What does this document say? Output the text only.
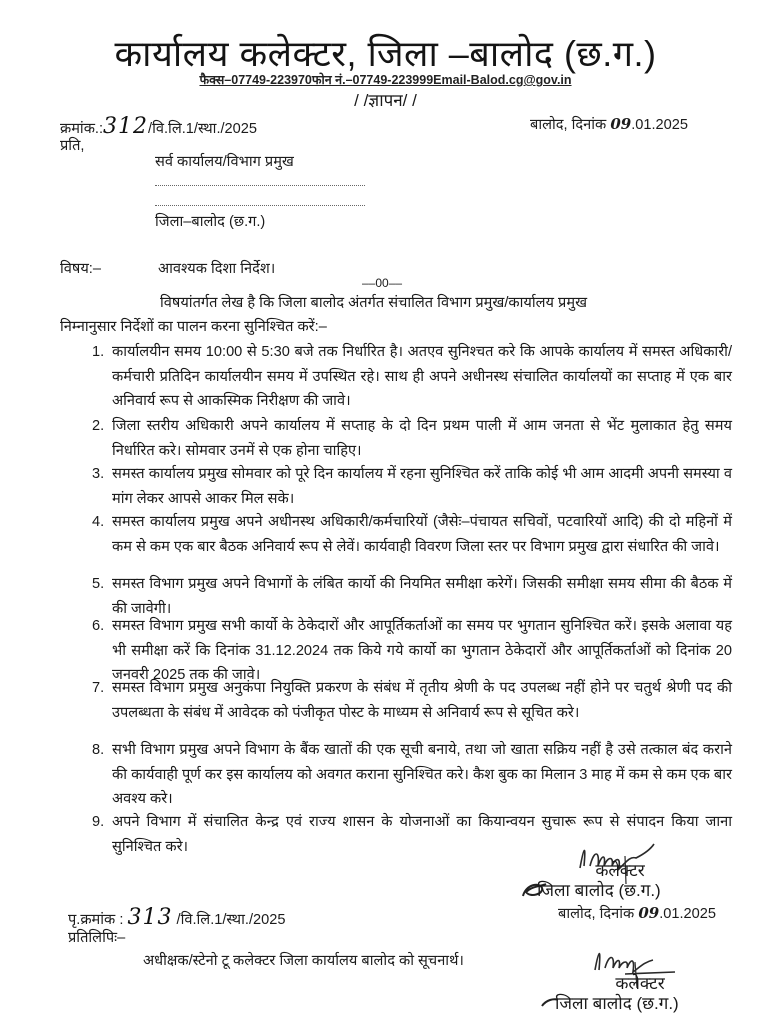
कार्यालय कलेक्टर, जिला –बालोद (छ.ग.)
फैक्स–07749-223970फोन नं.–07749-223999Email-Balod.cg@gov.in
/ /ज्ञापन/ /
क्रमांक.:312/वि.लि.1/स्था./2025	बालोद, दिनांक 09.01.2025
प्रति,
सर्व कार्यालय/विभाग प्रमुख
जिला–बालोद (छ.ग.)
विषय:–	आवश्यक दिशा निर्देश।
––00––
विषयांतर्गत लेख है कि जिला बालोद अंतर्गत संचालित विभाग प्रमुख/कार्यालय प्रमुख
निम्नानुसार निर्देशों का पालन करना सुनिश्चित करें:–
1. कार्यालयीन समय 10:00 से 5:30 बजे तक निर्धारित है। अतएव सुनिश्चत करे कि आपके कार्यालय में समस्त अधिकारी/कर्मचारी प्रतिदिन कार्यालयीन समय में उपस्थित रहे। साथ ही अपने अधीनस्थ संचालित कार्यालयों का सप्ताह में एक बार अनिवार्य रूप से आकस्मिक निरीक्षण की जावे।
2. जिला स्तरीय अधिकारी अपने कार्यालय में सप्ताह के दो दिन प्रथम पाली में आम जनता से भेंट मुलाकात हेतु समय निर्धारित करे। सोमवार उनमें से एक होना चाहिए।
3. समस्त कार्यालय प्रमुख सोमवार को पूरे दिन कार्यालय में रहना सुनिश्चित करें ताकि कोई भी आम आदमी अपनी समस्या व मांग लेकर आपसे आकर मिल सके।
4. समस्त कार्यालय प्रमुख अपने अधीनस्थ अधिकारी/कर्मचारियों (जैसेः–पंचायत सचिवों, पटवारियों आदि) की दो महिनों में कम से कम एक बार बैठक अनिवार्य रूप से लेवें। कार्यवाही विवरण जिला स्तर पर विभाग प्रमुख द्वारा संधारित की जावे।
5. समस्त विभाग प्रमुख अपने विभागों के लंबित कार्यो की नियमित समीक्षा करेगें। जिसकी समीक्षा समय सीमा की बैठक में की जावेगी।
6. समस्त विभाग प्रमुख सभी कार्यो के ठेकेदारों और आपूर्तिकर्ताओं का समय पर भुगतान सुनिश्चित करें। इसके अलावा यह भी समीक्षा करें कि दिनांक 31.12.2024 तक किये गये कार्यो का भुगतान ठेकेदारों और आपूर्तिकर्ताओं को दिनांक 20 जनवरी 2025 तक की जावे।
7. समस्त विभाग प्रमुख अनुकंपा नियुक्ति प्रकरण के संबंध में तृतीय श्रेणी के पद उपलब्ध नहीं होने पर चतुर्थ श्रेणी पद की उपलब्धता के संबंध में आवेदक को पंजीकृत पोस्ट के माध्यम से अनिवार्य रूप से सूचित करे।
8. सभी विभाग प्रमुख अपने विभाग के बैंक खातों की एक सूची बनाये, तथा जो खाता सक्रिय नहीं है उसे तत्काल बंद कराने की कार्यवाही पूर्ण कर इस कार्यालय को अवगत कराना सुनिश्चित करे। कैश बुक का मिलान 3 माह में कम से कम एक बार अवश्य करे।
9. अपने विभाग में संचालित केन्द्र एवं राज्य शासन के योजनाओं का कियान्वयन सुचारू रूप से संपादन किया जाना सुनिश्चित करे।
कलेक्टर
जिला बालोद (छ.ग.)
पृ.क्रमांक : 313 /वि.लि.1/स्था./2025	बालोद, दिनांक 09.01.2025
प्रतिलिपिः–
अधीक्षक/स्टेनो टू कलेक्टर जिला कार्यालय बालोद को सूचनार्थ।
कलेक्टर
जिला बालोद (छ.ग.)
